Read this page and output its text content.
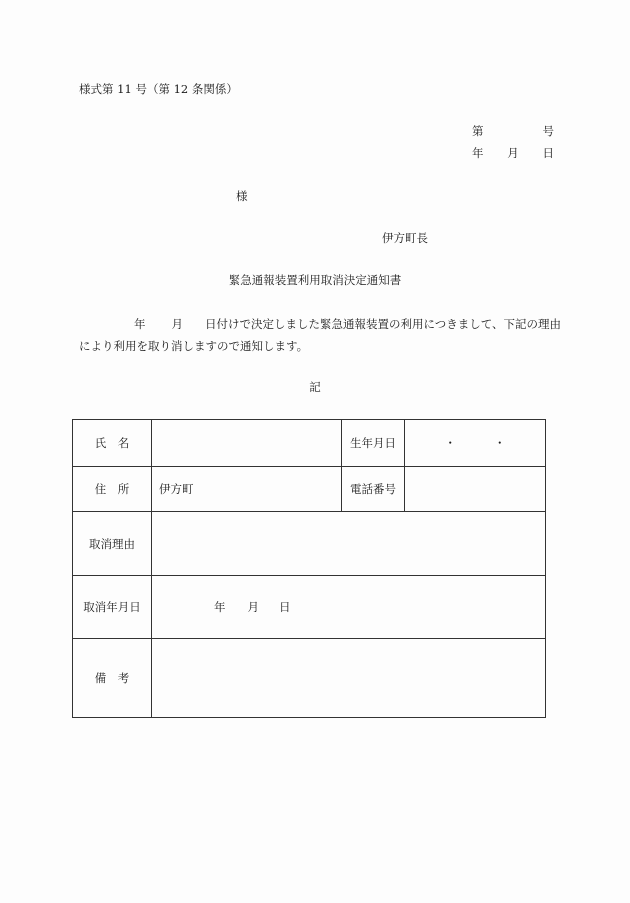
様式第 11 号（第 12 条関係）
第	号
年 月 日
様
伊方町長
緊急通報装置利用取消決定通知書
年 月 日付けで決定しました緊急通報装置の利用につきまして、下記の理由
により利用を取り消しますので通知します。
記
氏　名		生年月日	・ ・

住　所	伊方町	電話番号	
取消理由			
取消年月日	年 月 日		
備　考			
